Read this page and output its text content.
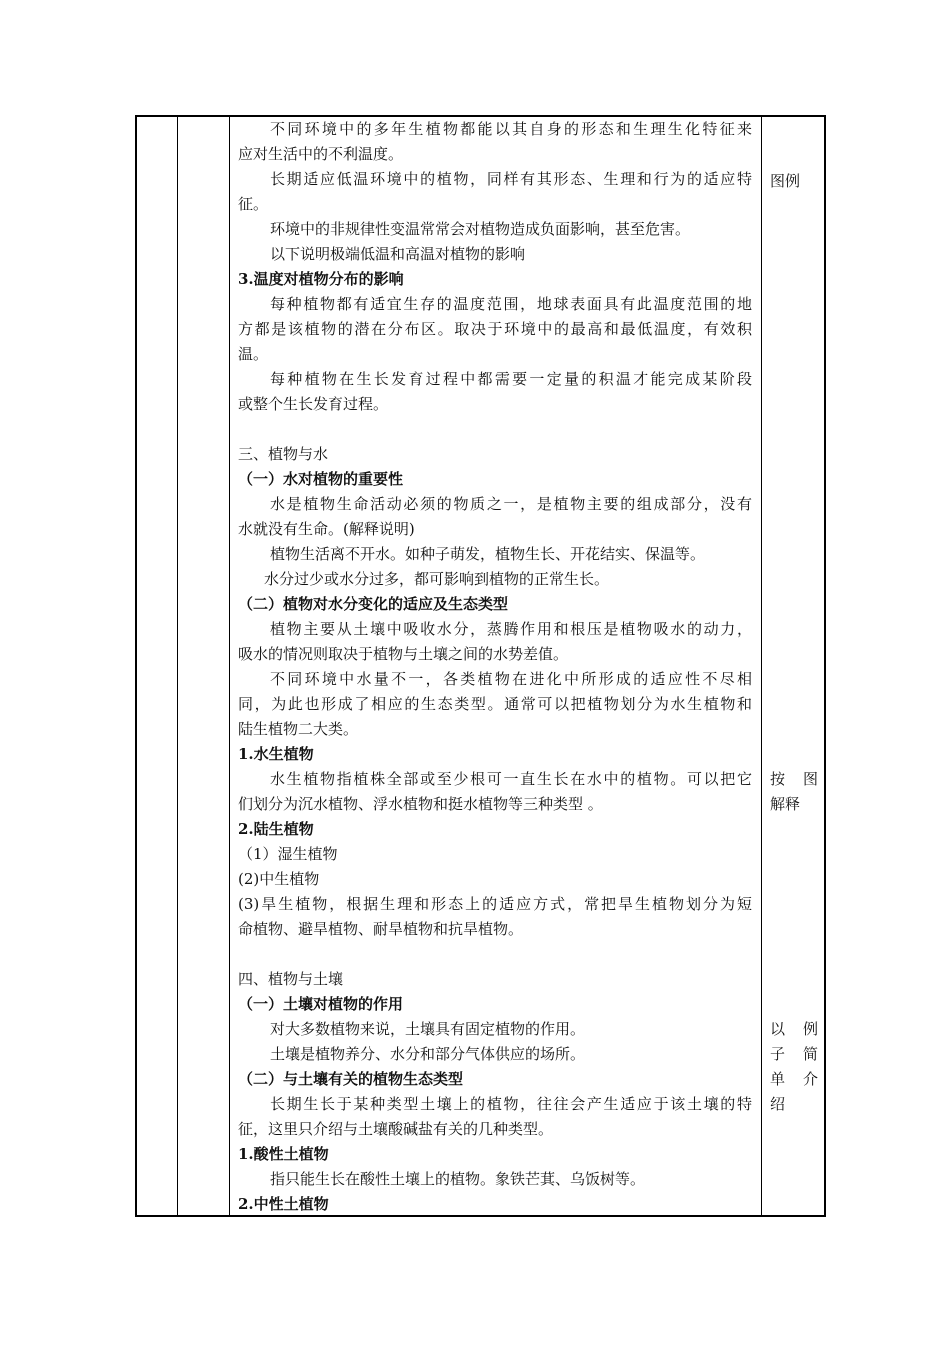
不同环境中的多年生植物都能以其自身的形态和生理生化特征来
应对生活中的不利温度。
长期适应低温环境中的植物，同样有其形态、生理和行为的适应特
征。
环境中的非规律性变温常常会对植物造成负面影响，甚至危害。
以下说明极端低温和高温对植物的影响
3.温度对植物分布的影响
每种植物都有适宜生存的温度范围，地球表面具有此温度范围的地
方都是该植物的潜在分布区。取决于环境中的最高和最低温度，有效积
温。
每种植物在生长发育过程中都需要一定量的积温才能完成某阶段
或整个生长发育过程。
三、植物与水
（一）水对植物的重要性
水是植物生命活动必须的物质之一，是植物主要的组成部分，没有
水就没有生命。(解释说明)
植物生活离不开水。如种子萌发，植物生长、开花结实、保温等。
水分过少或水分过多，都可影响到植物的正常生长。
（二）植物对水分变化的适应及生态类型
植物主要从土壤中吸收水分，蒸腾作用和根压是植物吸水的动力，
吸水的情况则取决于植物与土壤之间的水势差值。
不同环境中水量不一，各类植物在进化中所形成的适应性不尽相
同，为此也形成了相应的生态类型。通常可以把植物划分为水生植物和
陆生植物二大类。
1.水生植物
水生植物指植株全部或至少根可一直生长在水中的植物。可以把它
们划分为沉水植物、浮水植物和挺水植物等三种类型 。
2.陆生植物
（1）湿生植物
(2)中生植物
(3)旱生植物，根据生理和形态上的适应方式，常把旱生植物划分为短
命植物、避旱植物、耐旱植物和抗旱植物。
四、植物与土壤
（一）土壤对植物的作用
对大多数植物来说，土壤具有固定植物的作用。
土壤是植物养分、水分和部分气体供应的场所。
（二）与土壤有关的植物生态类型
长期生长于某种类型土壤上的植物，往往会产生适应于该土壤的特
征，这里只介绍与土壤酸碱盐有关的几种类型。
1.酸性土植物
指只能生长在酸性土壤上的植物。象铁芒萁、乌饭树等。
2.中性土植物
图例
按 图
解释
以 例
子 简
单 介
绍
